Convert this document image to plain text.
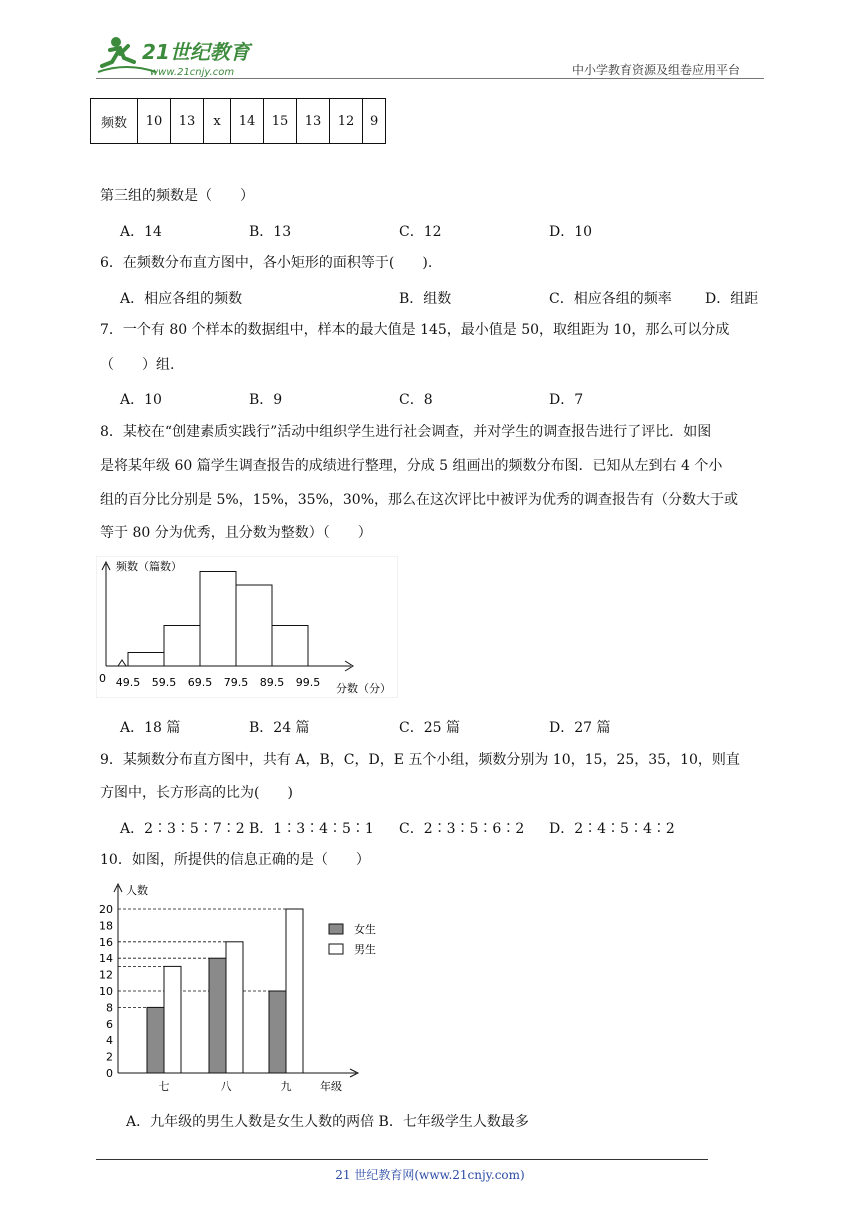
21世纪教育
www.21cnjy.com	中小学教育资源及组卷应用平台
频数	10	13	x	14	15	13	12	9
第三组的频数是（　　）
A．14	B．13	C．12	D．10
6．在频数分布直方图中，各小矩形的面积等于(　　).
A．相应各组的频数	B．组数	C．相应各组的频率 D．组距
7．一个有 80 个样本的数据组中，样本的最大值是 145，最小值是 50，取组距为 10，那么可以分成
（　　）组.
A．10	B．9	C．8	D．7
8．某校在“创建素质实践行”活动中组织学生进行社会调查，并对学生的调查报告进行了评比．如图
是将某年级 60 篇学生调查报告的成绩进行整理，分成 5 组画出的频数分布图．已知从左到右 4 个小
组的百分比分别是 5%，15%，35%，30%，那么在这次评比中被评为优秀的调查报告有（分数大于或
等于 80 分为优秀，且分数为整数）（　　）
频数（篇数）
分数（分）
0 49.5 59.5 69.5 79.5 89.5 99.5
A．18 篇	B．24 篇	C．25 篇	D．27 篇
9．某频数分布直方图中，共有 A，B，C，D，E 五个小组，频数分别为 10，15，25，35，10，则直
方图中，长方形高的比为(　　)
A．2∶3∶5∶7∶2 B．1∶3∶4∶5∶1 C．2∶3∶5∶6∶2 D．2∶4∶5∶4∶2
10．如图，所提供的信息正确的是（　　）
人数
年级
0
2
4
6
8
10
12
14
16
18
20
七	八	九
女生
男生
A．九年级的男生人数是女生人数的两倍 B．七年级学生人数最多
21 世纪教育网(www.21cnjy.com)
